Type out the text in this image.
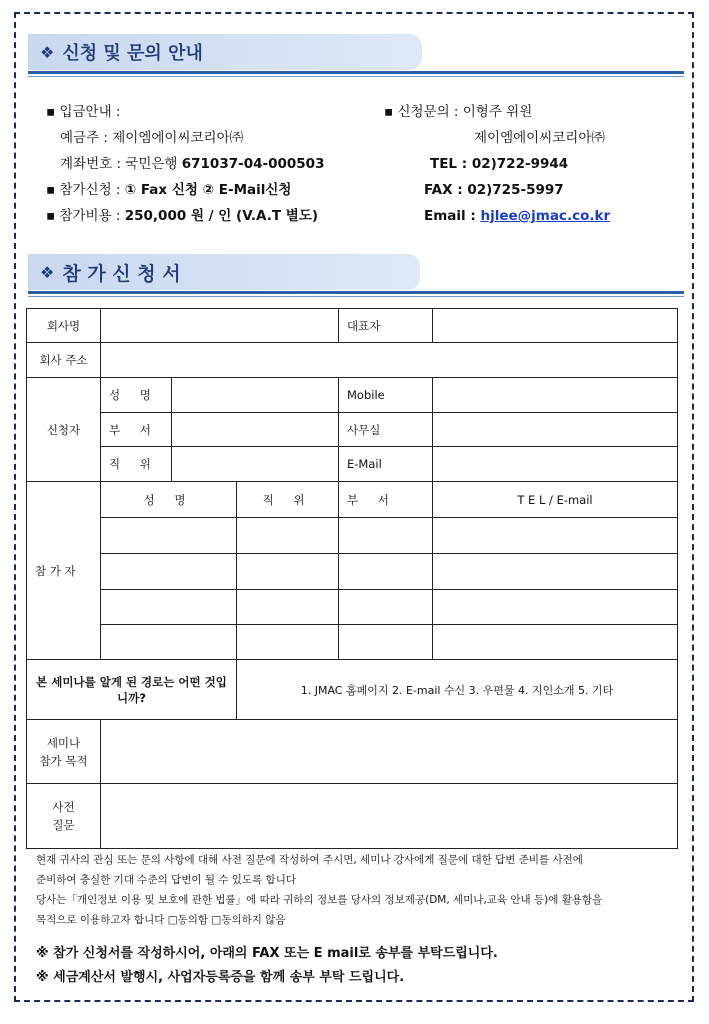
❖ 신청 및 문의 안내
▪ 입금안내 :
예금주 : 제이엠에이씨코리아㈜
계좌번호 : 국민은행 671037-04-000503
▪ 참가신청 : ① Fax 신청 ② E-Mail신청
▪ 참가비용 : 250,000 원 / 인 (V.A.T 별도)
▪ 신청문의 : 이형주 위원
제이엠에이씨코리아㈜
TEL : 02)722-9944
FAX : 02)725-5997
Email : hjlee@jmac.co.kr
❖ 참 가 신 청 서
회사명				대표자	
회사 주소					
신청자	성 명			Mobile	
	부 서			사무실	
	직 위			E-Mail	
참 가 자	성 명		직 위	부 서	T E L / E-mail

본 세미나를 알게 된 경로는 어떤 것입니까?			1. JMAC 홈페이지 2. E-mail 수신 3. 우편물 4. 지인소개 5. 기타		
세미나
참가 목적					
사전
질문					
현재 귀사의 관심 또는 문의 사항에 대해 사전 질문에 작성하여 주시면, 세미나 강사에게 질문에 대한 답변 준비를 사전에
준비하여 충실한 기대 수준의 답변이 될 수 있도록 합니다
당사는「개인정보 이용 및 보호에 관한 법률」에 따라 귀하의 정보를 당사의 정보제공(DM, 세미나,교육 안내 등)에 활용함을
목적으로 이용하고자 합니다 □동의함 □동의하지 않음
※ 참가 신청서를 작성하시어, 아래의 FAX 또는 E mail로 송부를 부탁드립니다.
※ 세금계산서 발행시, 사업자등록증을 함께 송부 부탁 드립니다.
